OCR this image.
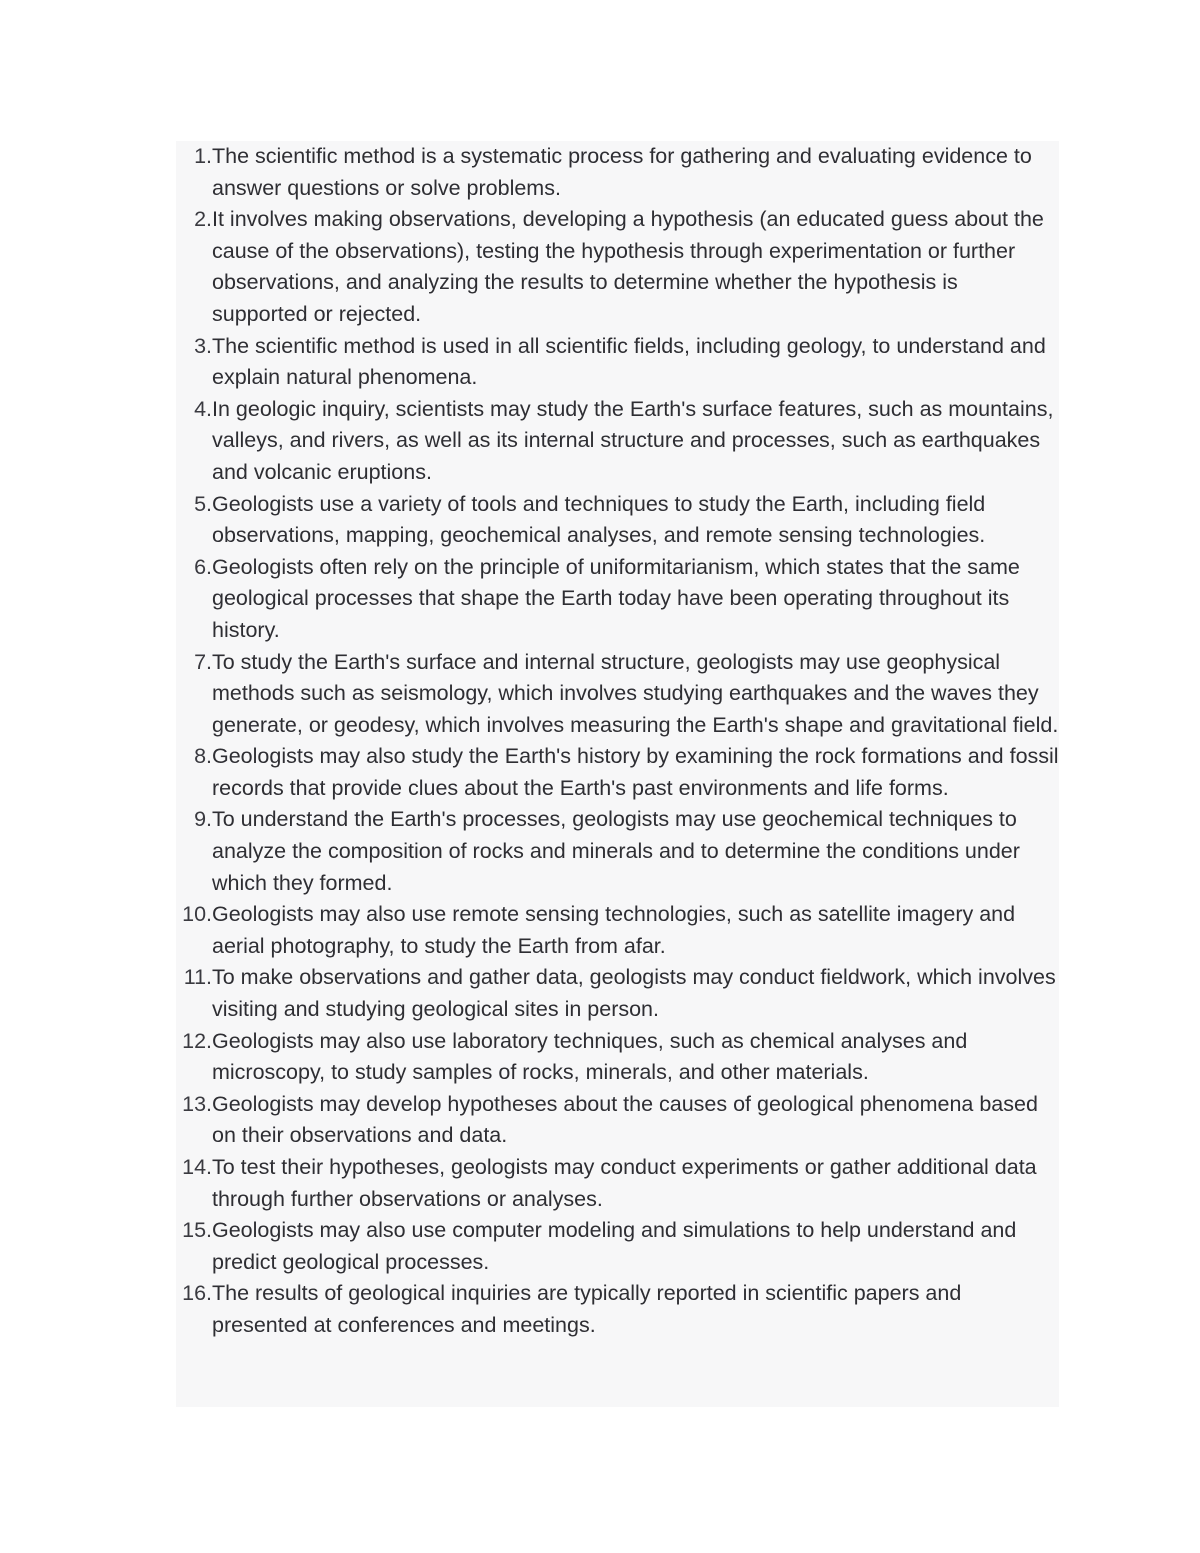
1. The scientific method is a systematic process for gathering and evaluating evidence to answer questions or solve problems.
2. It involves making observations, developing a hypothesis (an educated guess about the cause of the observations), testing the hypothesis through experimentation or further observations, and analyzing the results to determine whether the hypothesis is supported or rejected.
3. The scientific method is used in all scientific fields, including geology, to understand and explain natural phenomena.
4. In geologic inquiry, scientists may study the Earth's surface features, such as mountains, valleys, and rivers, as well as its internal structure and processes, such as earthquakes and volcanic eruptions.
5. Geologists use a variety of tools and techniques to study the Earth, including field observations, mapping, geochemical analyses, and remote sensing technologies.
6. Geologists often rely on the principle of uniformitarianism, which states that the same geological processes that shape the Earth today have been operating throughout its history.
7. To study the Earth's surface and internal structure, geologists may use geophysical methods such as seismology, which involves studying earthquakes and the waves they generate, or geodesy, which involves measuring the Earth's shape and gravitational field.
8. Geologists may also study the Earth's history by examining the rock formations and fossil records that provide clues about the Earth's past environments and life forms.
9. To understand the Earth's processes, geologists may use geochemical techniques to analyze the composition of rocks and minerals and to determine the conditions under which they formed.
10. Geologists may also use remote sensing technologies, such as satellite imagery and aerial photography, to study the Earth from afar.
11. To make observations and gather data, geologists may conduct fieldwork, which involves visiting and studying geological sites in person.
12. Geologists may also use laboratory techniques, such as chemical analyses and microscopy, to study samples of rocks, minerals, and other materials.
13. Geologists may develop hypotheses about the causes of geological phenomena based on their observations and data.
14. To test their hypotheses, geologists may conduct experiments or gather additional data through further observations or analyses.
15. Geologists may also use computer modeling and simulations to help understand and predict geological processes.
16. The results of geological inquiries are typically reported in scientific papers and presented at conferences and meetings.
